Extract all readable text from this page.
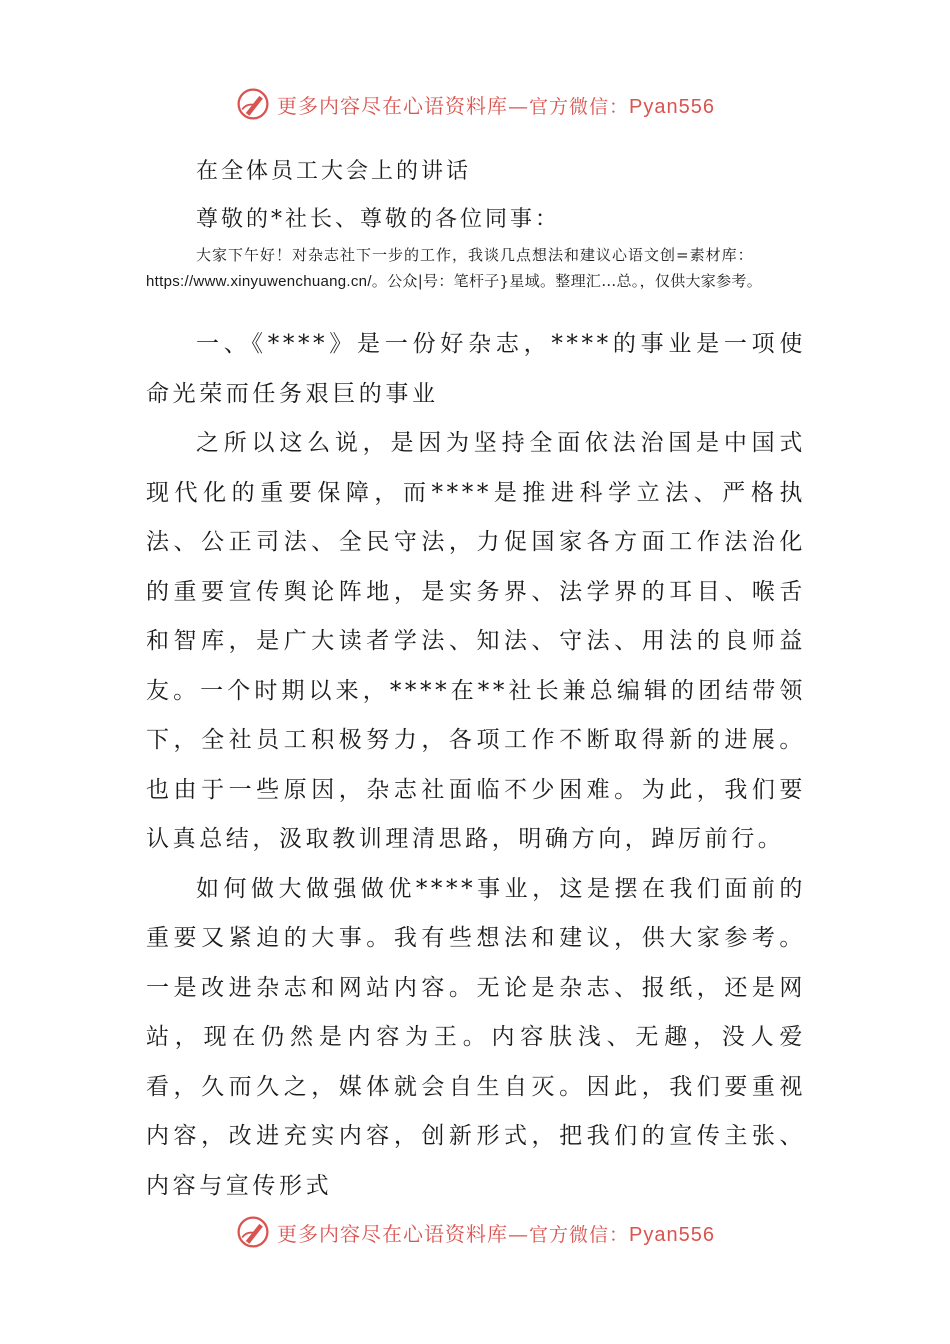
更多内容尽在心语资料库—官方微信：Pyan556
在全体员工大会上的讲话
尊敬的*社长、尊敬的各位同事：
大家下午好！对杂志社下一步的工作，我谈几点想法和建议心语文创=素材库：
https://www.xinyuwenchuang.cn/。公众|号：笔杆子}星域。整理汇…总。，仅供大家参考。

一、《****》是一份好杂志，****的事业是一项使命光荣而任务艰巨的事业

之所以这么说，是因为坚持全面依法治国是中国式现代化的重要保障，而****是推进科学立法、严格执法、公正司法、全民守法，力促国家各方面工作法治化的重要宣传舆论阵地，是实务界、法学界的耳目、喉舌和智库，是广大读者学法、知法、守法、用法的良师益友。一个时期以来，****在**社长兼总编辑的团结带领下，全社员工积极努力，各项工作不断取得新的进展。也由于一些原因，杂志社面临不少困难。为此，我们要认真总结，汲取教训理清思路，明确方向，踔厉前行。

如何做大做强做优****事业，这是摆在我们面前的重要又紧迫的大事。我有些想法和建议，供大家参考。一是改进杂志和网站内容。无论是杂志、报纸，还是网站，现在仍然是内容为王。内容肤浅、无趣，没人爱看，久而久之，媒体就会自生自灭。因此，我们要重视内容，改进充实内容，创新形式，把我们的宣传主张、内容与宣传形式

更多内容尽在心语资料库—官方微信：Pyan556
